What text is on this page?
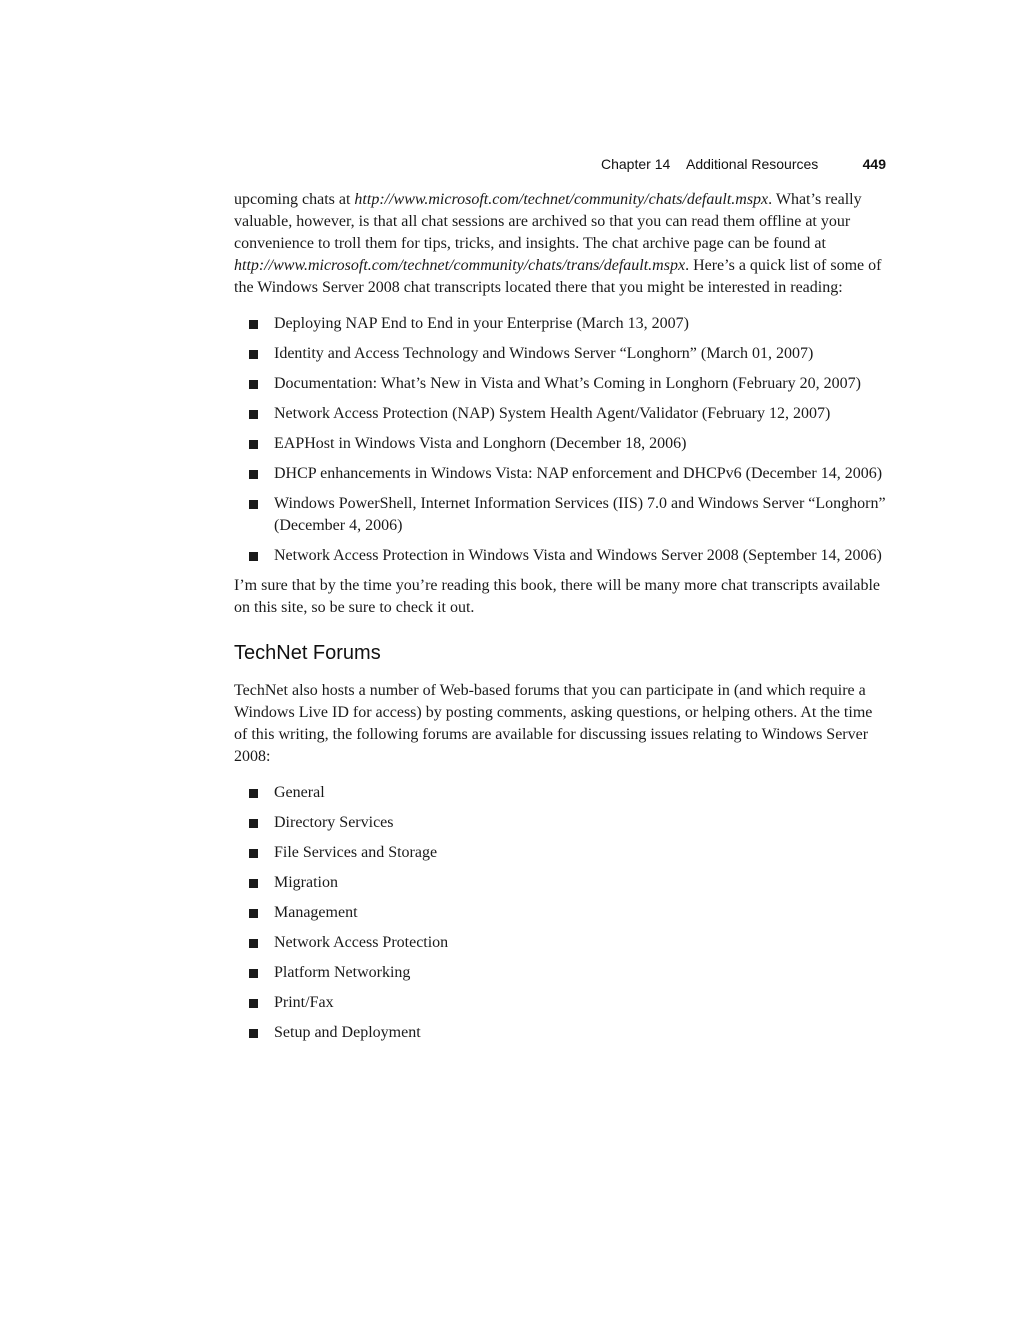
Chapter 14 Additional Resources	449

upcoming chats at http://www.microsoft.com/technet/community/chats/default.mspx. What’s really valuable, however, is that all chat sessions are archived so that you can read them offline at your convenience to troll them for tips, tricks, and insights. The chat archive page can be found at http://www.microsoft.com/technet/community/chats/trans/default.mspx. Here’s a quick list of some of the Windows Server 2008 chat transcripts located there that you might be interested in reading:

Deploying NAP End to End in your Enterprise (March 13, 2007)
Identity and Access Technology and Windows Server “Longhorn” (March 01, 2007)
Documentation: What’s New in Vista and What’s Coming in Longhorn (February 20, 2007)
Network Access Protection (NAP) System Health Agent/Validator (February 12, 2007)
EAPHost in Windows Vista and Longhorn (December 18, 2006)
DHCP enhancements in Windows Vista: NAP enforcement and DHCPv6 (December 14, 2006)
Windows PowerShell, Internet Information Services (IIS) 7.0 and Windows Server “Longhorn” (December 4, 2006)
Network Access Protection in Windows Vista and Windows Server 2008 (September 14, 2006)

I’m sure that by the time you’re reading this book, there will be many more chat transcripts available on this site, so be sure to check it out.

TechNet Forums

TechNet also hosts a number of Web-based forums that you can participate in (and which require a Windows Live ID for access) by posting comments, asking questions, or helping others. At the time of this writing, the following forums are available for discussing issues relating to Windows Server 2008:

General
Directory Services
File Services and Storage
Migration
Management
Network Access Protection
Platform Networking
Print/Fax
Setup and Deployment
